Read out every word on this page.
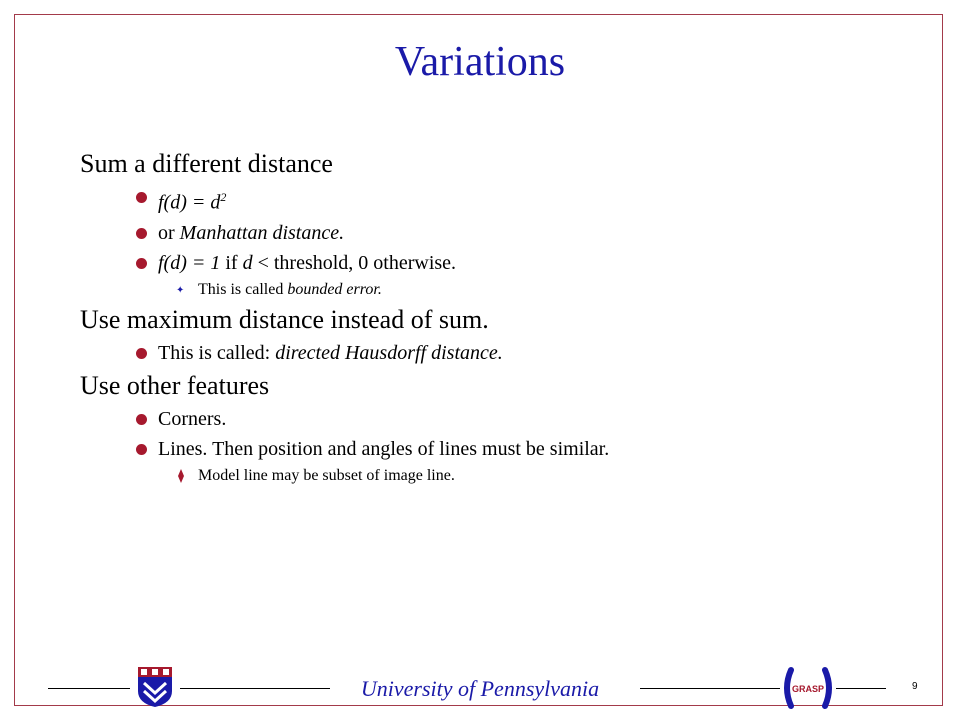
Variations

Sum a different distance

$f(d) = d^2$

or Manhattan distance.

f(d) = 1 if d < threshold, 0 otherwise.

✦ This is called bounded error.

Use maximum distance instead of sum.

This is called: directed Hausdorff distance.

Use other features

Corners.

Lines. Then position and angles of lines must be similar.

Model line may be subset of image line.

University of Pennsylvania	9
GRASP
